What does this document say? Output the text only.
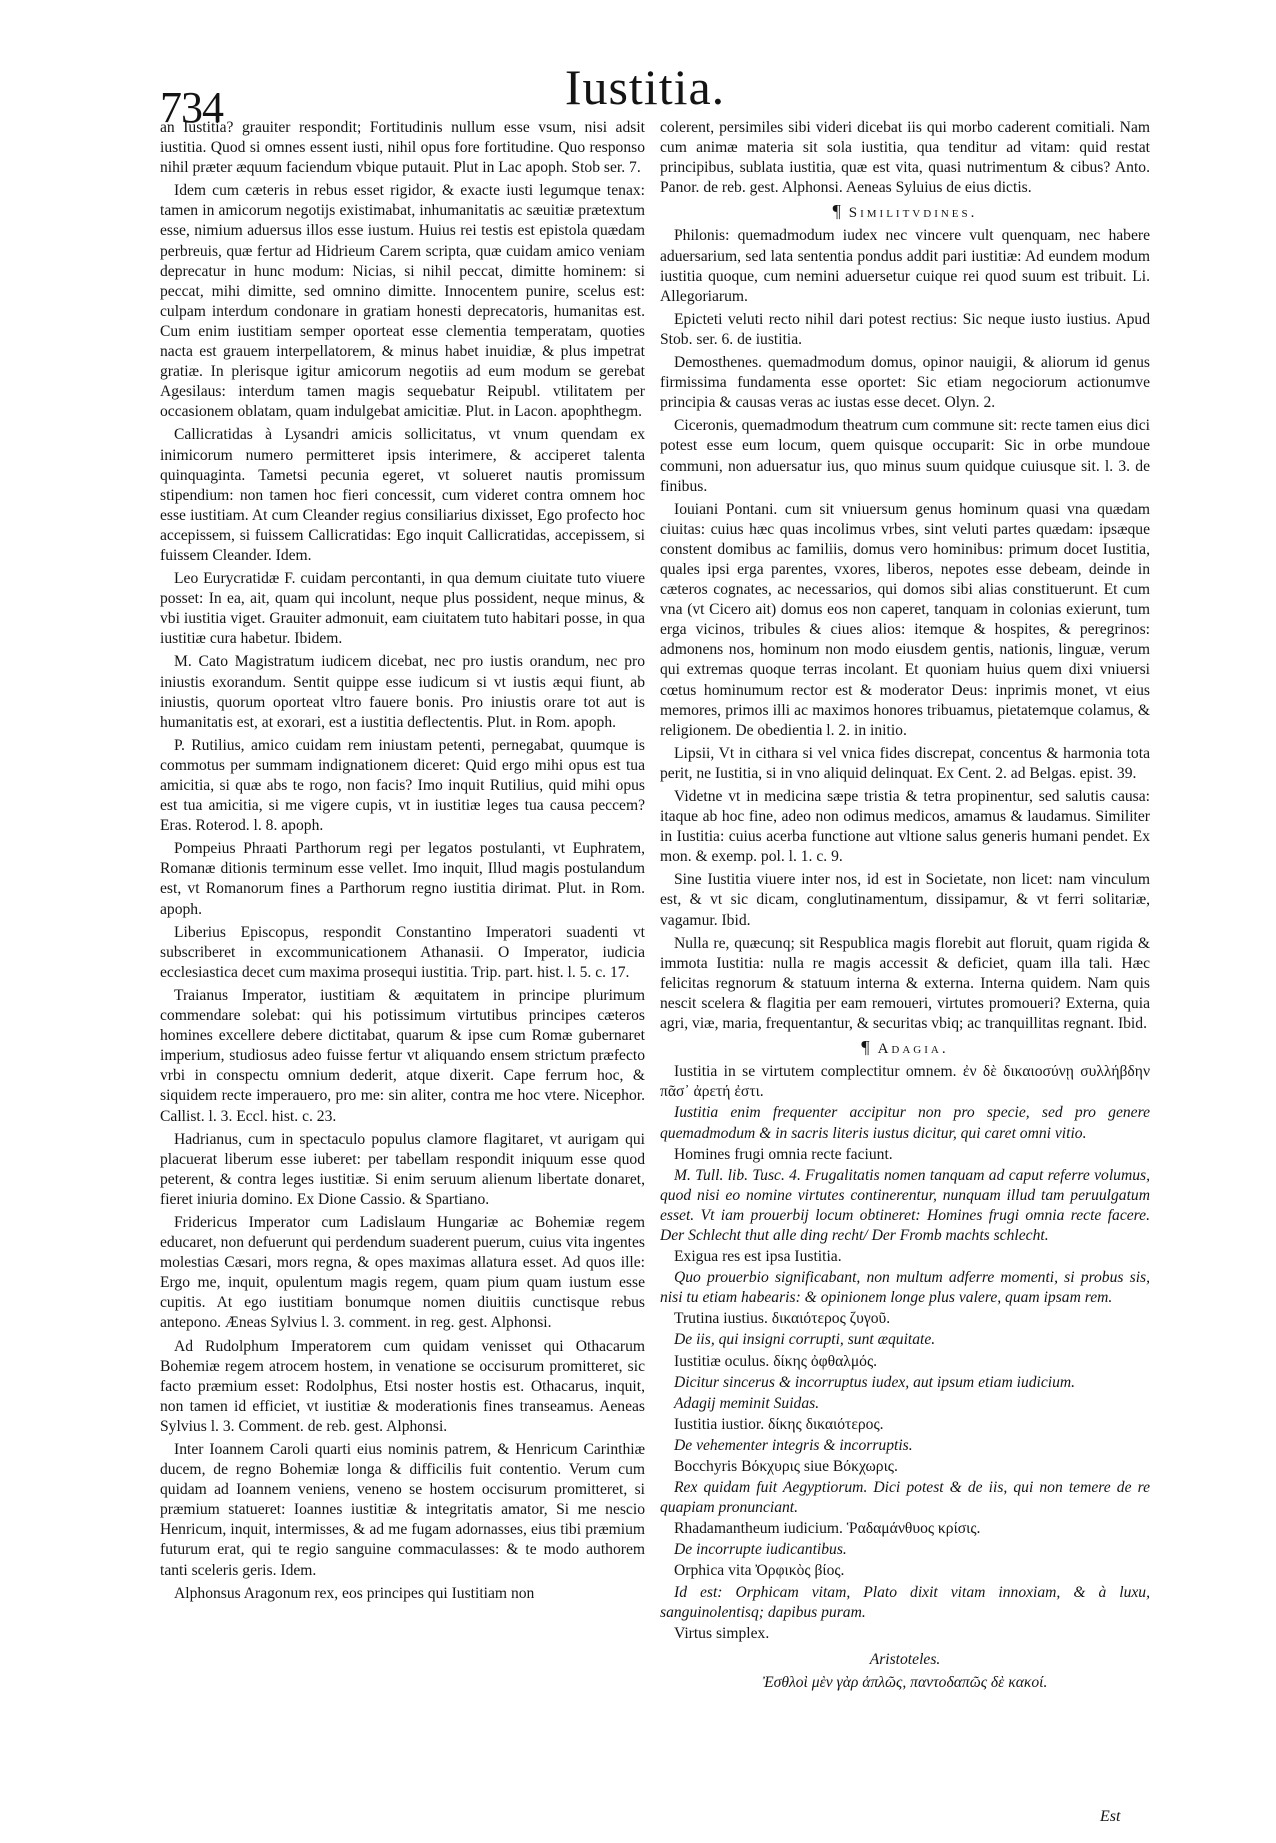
734	Iustitia.

an Iustitia? grauiter respondit; Fortitudinis nullum esse vsum, nisi adsit iustitia. Quod si omnes essent iusti, nihil opus fore fortitudine. Quo responso nihil præter æquum faciendum vbique putauit. Plut in Lac apoph. Stob ser. 7.

Idem cum cæteris in rebus esset rigidor, & exacte iusti legumque tenax: tamen in amicorum negotijs existimabat, inhumanitatis ac sæuitiæ prætextum esse, nimium aduersus illos esse iustum. Huius rei testis est epistola quædam perbreuis, quæ fertur ad Hidrieum Carem scripta, quæ cuidam amico veniam deprecatur in hunc modum: Nicias, si nihil peccat, dimitte hominem: si peccat, mihi dimitte, sed omnino dimitte. Innocentem punire, scelus est: culpam interdum condonare in gratiam honesti deprecatoris, humanitas est. Cum enim iustitiam semper oporteat esse clementia temperatam, quoties nacta est grauem interpellatorem, & minus habet inuidiæ, & plus impetrat gratiæ. In plerisque igitur amicorum negotiis ad eum modum se gerebat Agesilaus: interdum tamen magis sequebatur Reipubl. vtilitatem per occasionem oblatam, quam indulgebat amicitiæ. Plut. in Lacon. apophthegm.

Callicratidas à Lysandri amicis sollicitatus, vt vnum quendam ex inimicorum numero permitteret ipsis interimere, & acciperet talenta quinquaginta. Tametsi pecunia egeret, vt solueret nautis promissum stipendium: non tamen hoc fieri concessit, cum videret contra omnem hoc esse iustitiam. At cum Cleander regius consiliarius dixisset, Ego profecto hoc accepissem, si fuissem Callicratidas: Ego inquit Callicratidas, accepissem, si fuissem Cleander. Idem.

Leo Eurycratidæ F. cuidam percontanti, in qua demum ciuitate tuto viuere posset: In ea, ait, quam qui incolunt, neque plus possident, neque minus, & vbi iustitia viget. Grauiter admonuit, eam ciuitatem tuto habitari posse, in qua iustitiæ cura habetur. Ibidem.

M. Cato Magistratum iudicem dicebat, nec pro iustis orandum, nec pro iniustis exorandum. Sentit quippe esse iudicum si vt iustis æqui fiunt, ab iniustis, quorum oporteat vltro fauere bonis. Pro iniustis orare tot aut is humanitatis est, at exorari, est a iustitia deflectentis. Plut. in Rom. apoph.

P. Rutilius, amico cuidam rem iniustam petenti, pernegabat, quumque is commotus per summam indignationem diceret: Quid ergo mihi opus est tua amicitia, si quæ abs te rogo, non facis? Imo inquit Rutilius, quid mihi opus est tua amicitia, si me vigere cupis, vt in iustitiæ leges tua causa peccem? Eras. Roterod. l. 8. apoph.

Pompeius Phraati Parthorum regi per legatos postulanti, vt Euphratem, Romanæ ditionis terminum esse vellet. Imo inquit, Illud magis postulandum est, vt Romanorum fines a Parthorum regno iustitia dirimat. Plut. in Rom. apoph.

Liberius Episcopus, respondit Constantino Imperatori suadenti vt subscriberet in excommunicationem Athanasii. O Imperator, iudicia ecclesiastica decet cum maxima prosequi iustitia. Trip. part. hist. l. 5. c. 17.

Traianus Imperator, iustitiam & æquitatem in principe plurimum commendare solebat: qui his potissimum virtutibus principes cæteros homines excellere debere dictitabat, quarum & ipse cum Romæ gubernaret imperium, studiosus adeo fuisse fertur vt aliquando ensem strictum præfecto vrbi in conspectu omnium dederit, atque dixerit. Cape ferrum hoc, & siquidem recte imperauero, pro me: sin aliter, contra me hoc vtere. Nicephor. Callist. l. 3. Eccl. hist. c. 23.

Hadrianus, cum in spectaculo populus clamore flagitaret, vt aurigam qui placuerat liberum esse iuberet: per tabellam respondit iniquum esse quod peterent, & contra leges iustitiæ. Si enim seruum alienum libertate donaret, fieret iniuria domino. Ex Dione Cassio. & Spartiano.

Fridericus Imperator cum Ladislaum Hungariæ ac Bohemiæ regem educaret, non defuerunt qui perdendum suaderent puerum, cuius vita ingentes molestias Cæsari, mors regna, & opes maximas allatura esset. Ad quos ille: Ergo me, inquit, opulentum magis regem, quam pium quam iustum esse cupitis. At ego iustitiam bonumque nomen diuitiis cunctisque rebus antepono. Æneas Sylvius l. 3. comment. in reg. gest. Alphonsi.

Ad Rudolphum Imperatorem cum quidam venisset qui Othacarum Bohemiæ regem atrocem hostem, in venatione se occisurum promitteret, sic facto præmium esset: Rodolphus, Etsi noster hostis est. Othacarus, inquit, non tamen id efficiet, vt iustitiæ & moderationis fines transeamus. Aeneas Sylvius l. 3. Comment. de reb. gest. Alphonsi.

Inter Ioannem Caroli quarti eius nominis patrem, & Henricum Carinthiæ ducem, de regno Bohemiæ longa & difficilis fuit contentio. Verum cum quidam ad Ioannem veniens, veneno se hostem occisurum promitteret, si præmium statueret: Ioannes iustitiæ & integritatis amator, Si me nescio Henricum, inquit, intermisses, & ad me fugam adornasses, eius tibi præmium futurum erat, qui te regio sanguine commaculasses: & te modo authorem tanti sceleris geris. Idem.

Alphonsus Aragonum rex, eos principes qui Iustitiam non

colerent, persimiles sibi videri dicebat iis qui morbo caderent comitiali. Nam cum animæ materia sit sola iustitia, qua tenditur ad vitam: quid restat principibus, sublata iustitia, quæ est vita, quasi nutrimentum & cibus? Anto. Panor. de reb. gest. Alphonsi. Aeneas Syluius de eius dictis.

¶ Similitvdines.

Philonis: quemadmodum iudex nec vincere vult quenquam, nec habere aduersarium, sed lata sententia pondus addit pari iustitiæ: Ad eundem modum iustitia quoque, cum nemini aduersetur cuique rei quod suum est tribuit. Li. Allegoriarum.

Epicteti veluti recto nihil dari potest rectius: Sic neque iusto iustius. Apud Stob. ser. 6. de iustitia.

Demosthenes. quemadmodum domus, opinor nauigii, & aliorum id genus firmissima fundamenta esse oportet: Sic etiam negociorum actionumve principia & causas veras ac iustas esse decet. Olyn. 2.

Ciceronis, quemadmodum theatrum cum commune sit: recte tamen eius dici potest esse eum locum, quem quisque occuparit: Sic in orbe mundoue communi, non aduersatur ius, quo minus suum quidque cuiusque sit. l. 3. de finibus.

Iouiani Pontani. cum sit vniuersum genus hominum quasi vna quædam ciuitas: cuius hæc quas incolimus vrbes, sint veluti partes quædam: ipsæque constent domibus ac familiis, domus vero hominibus: primum docet Iustitia, quales ipsi erga parentes, vxores, liberos, nepotes esse debeam, deinde in cæteros cognates, ac necessarios, qui domos sibi alias constituerunt. Et cum vna (vt Cicero ait) domus eos non caperet, tanquam in colonias exierunt, tum erga vicinos, tribules & ciues alios: itemque & hospites, & peregrinos: admonens nos, hominum non modo eiusdem gentis, nationis, linguæ, verum qui extremas quoque terras incolant. Et quoniam huius quem dixi vniuersi cœtus hominumum rector est & moderator Deus: inprimis monet, vt eius memores, primos illi ac maximos honores tribuamus, pietatemque colamus, & religionem. De obedientia l. 2. in initio.

Lipsii, Vt in cithara si vel vnica fides discrepat, concentus & harmonia tota perit, ne Iustitia, si in vno aliquid delinquat. Ex Cent. 2. ad Belgas. epist. 39.

Videtne vt in medicina sæpe tristia & tetra propinentur, sed salutis causa: itaque ab hoc fine, adeo non odimus medicos, amamus & laudamus. Similiter in Iustitia: cuius acerba functione aut vltione salus generis humani pendet. Ex mon. & exemp. pol. l. 1. c. 9.

Sine Iustitia viuere inter nos, id est in Societate, non licet: nam vinculum est, & vt sic dicam, conglutinamentum, dissipamur, & vt ferri solitariæ, vagamur. Ibid.

Nulla re, quæcunq; sit Respublica magis florebit aut floruit, quam rigida & immota Iustitia: nulla re magis accessit & deficiet, quam illa tali. Hæc felicitas regnorum & statuum interna & externa. Interna quidem. Nam quis nescit scelera & flagitia per eam remoueri, virtutes promoueri? Externa, quia agri, viæ, maria, frequentantur, & securitas vbiq; ac tranquillitas regnant. Ibid.

¶ Adagia.

Iustitia in se virtutem complectitur omnem. ἐν δὲ δικαιοσύνῃ συλλήβδην πᾶσ᾽ ἀρετή ἐστι.

Iustitia enim frequenter accipitur non pro specie, sed pro genere quemadmodum & in sacris literis iustus dicitur, qui caret omni vitio.

Homines frugi omnia recte faciunt.

M. Tull. lib. Tusc. 4. Frugalitatis nomen tanquam ad caput referre volumus, quod nisi eo nomine virtutes continerentur, nunquam illud tam peruulgatum esset. Vt iam prouerbij locum obtineret: Homines frugi omnia recte facere. Der Schlecht thut alle ding recht/ Der Fromb machts schlecht.

Exigua res est ipsa Iustitia.

Quo prouerbio significabant, non multum adferre momenti, si probus sis, nisi tu etiam habearis: & opinionem longe plus valere, quam ipsam rem.

Trutina iustius. δικαιότερος ζυγοῦ.

De iis, qui insigni corrupti, sunt æquitate.

Iustitiæ oculus. δίκης ὀφθαλμός.

Dicitur sincerus & incorruptus iudex, aut ipsum etiam iudicium.

Adagij meminit Suidas.

Iustitia iustior. δίκης δικαιότερος.

De vehementer integris & incorruptis.

Bocchyris Βόκχυρις siue Βόκχωρις.

Rex quidam fuit Aegyptiorum. Dici potest & de iis, qui non temere de re quapiam pronunciant.

Rhadamantheum iudicium. Ῥαδαμάνθυος κρίσις.

De incorrupte iudicantibus.

Orphica vita Ὀρφικὸς βίος.

Id est: Orphicam vitam, Plato dixit vitam innoxiam, & à luxu, sanguinolentisq; dapibus puram.

Virtus simplex.

Aristoteles.

Ἐσθλοὶ μὲν γὰρ ἁπλῶς, παντοδαπῶς δὲ κακοί.

Est
